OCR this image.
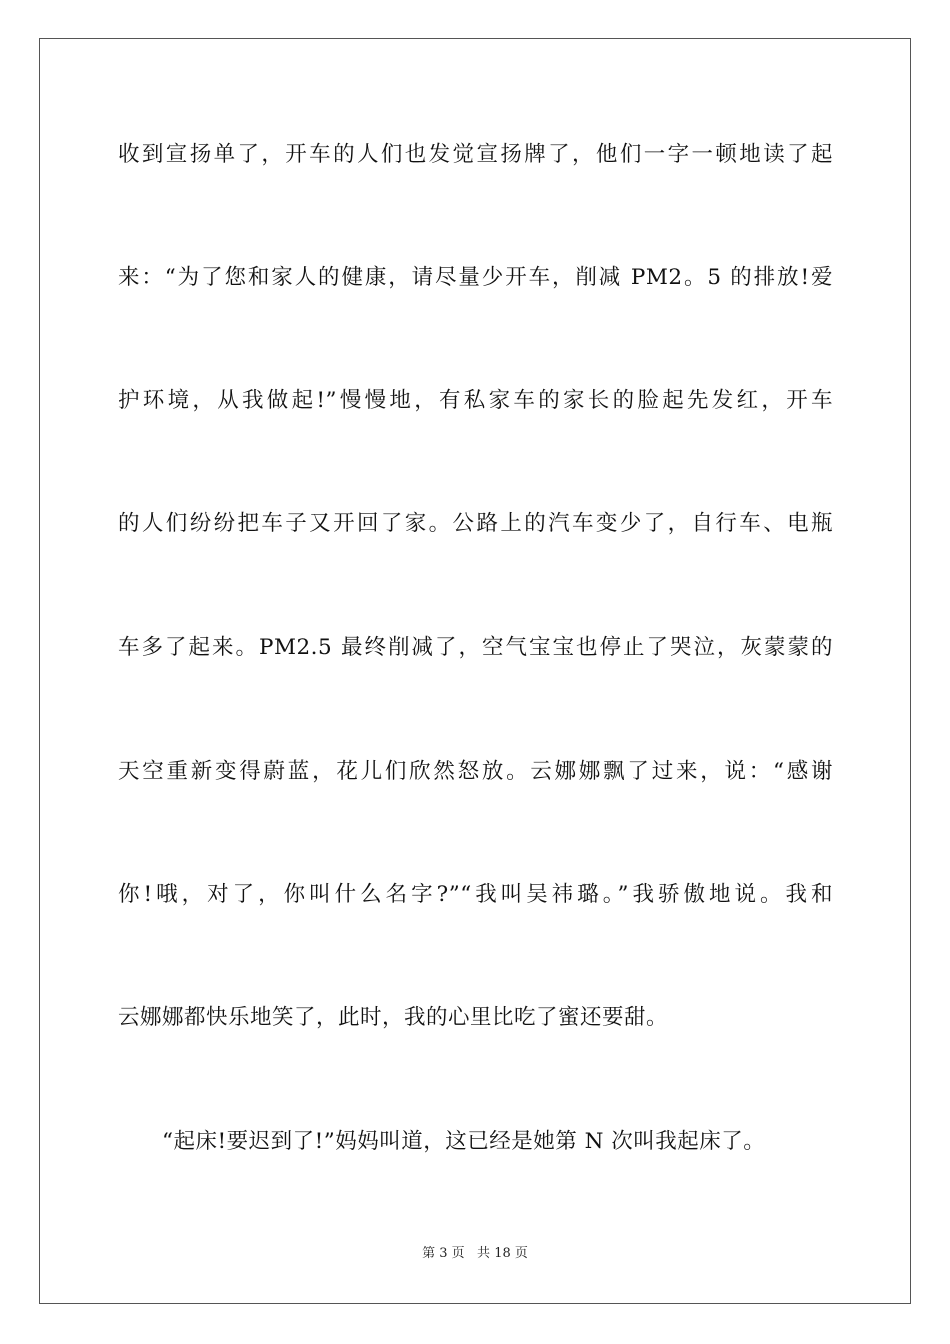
收到宣扬单了，开车的人们也发觉宣扬牌了，他们一字一顿地读了起
来：“为了您和家人的健康，请尽量少开车，削减 PM2。5 的排放!爱
护环境，从我做起!”慢慢地，有私家车的家长的脸起先发红，开车
的人们纷纷把车子又开回了家。公路上的汽车变少了，自行车、电瓶
车多了起来。PM2.5 最终削减了，空气宝宝也停止了哭泣，灰蒙蒙的
天空重新变得蔚蓝，花儿们欣然怒放。云娜娜飘了过来，说：“感谢
你!哦，对了，你叫什么名字?”“我叫吴祎璐。”我骄傲地说。我和
云娜娜都快乐地笑了，此时，我的心里比吃了蜜还要甜。
“起床!要迟到了!”妈妈叫道，这已经是她第 N 次叫我起床了。
第 3 页   共 18 页
